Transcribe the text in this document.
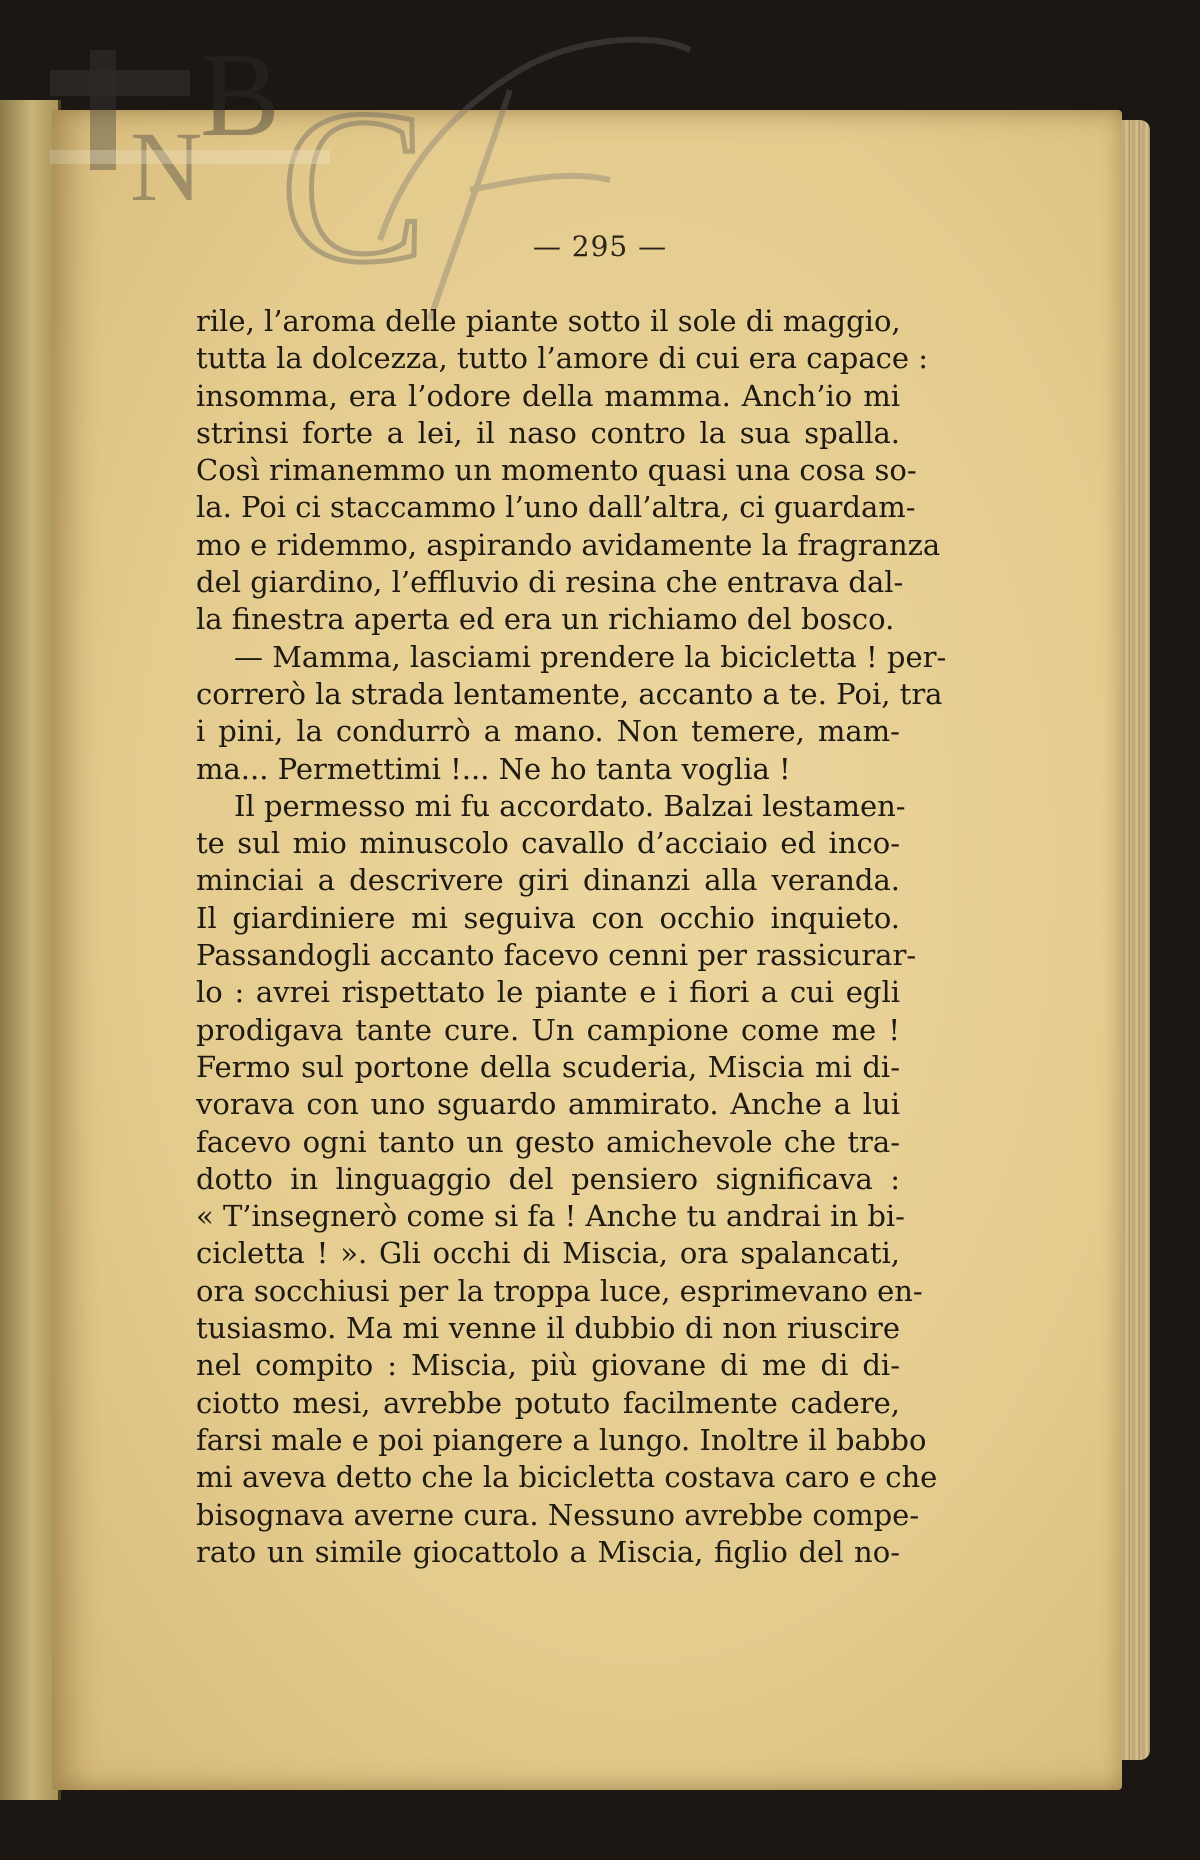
B
N C	— 295 —
rile, l’aroma delle piante sotto il sole di maggio,
tutta la dolcezza, tutto l’amore di cui era capace :
insomma, era l’odore della mamma. Anch’io mi
strinsi forte a lei, il naso contro la sua spalla.
Così rimanemmo un momento quasi una cosa so-
la. Poi ci staccammo l’uno dall’altra, ci guardam-
mo e ridemmo, aspirando avidamente la fragranza
del giardino, l’effluvio di resina che entrava dal-
la finestra aperta ed era un richiamo del bosco.
— Mamma, lasciami prendere la bicicletta ! per-
correrò la strada lentamente, accanto a te. Poi, tra
i pini, la condurrò a mano. Non temere, mam-
ma... Permettimi !... Ne ho tanta voglia !
Il permesso mi fu accordato. Balzai lestamen-
te sul mio minuscolo cavallo d’acciaio ed inco-
minciai a descrivere giri dinanzi alla veranda.
Il giardiniere mi seguiva con occhio inquieto.
Passandogli accanto facevo cenni per rassicurar-
lo : avrei rispettato le piante e i fiori a cui egli
prodigava tante cure. Un campione come me !
Fermo sul portone della scuderia, Miscia mi di-
vorava con uno sguardo ammirato. Anche a lui
facevo ogni tanto un gesto amichevole che tra-
dotto in linguaggio del pensiero significava :
« T’insegnerò come si fa ! Anche tu andrai in bi-
cicletta ! ». Gli occhi di Miscia, ora spalancati,
ora socchiusi per la troppa luce, esprimevano en-
tusiasmo. Ma mi venne il dubbio di non riuscire
nel compito : Miscia, più giovane di me di di-
ciotto mesi, avrebbe potuto facilmente cadere,
farsi male e poi piangere a lungo. Inoltre il babbo
mi aveva detto che la bicicletta costava caro e che
bisognava averne cura. Nessuno avrebbe compe-
rato un simile giocattolo a Miscia, figlio del no-
